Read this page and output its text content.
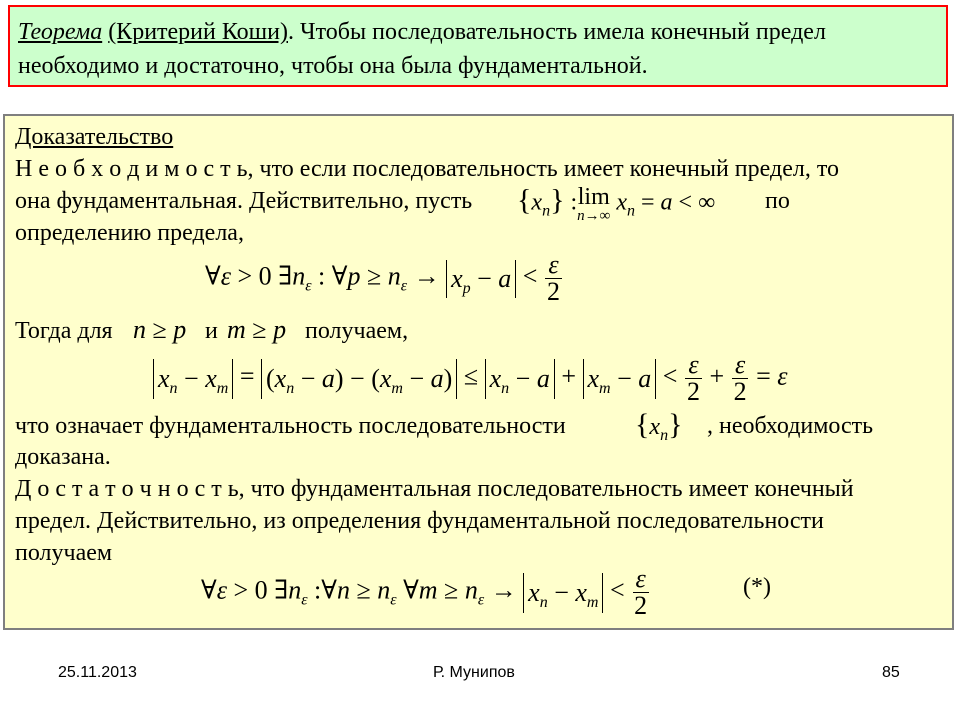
Теорема (Критерий Коши). Чтобы последовательность имела конечный предел
необходимо и достаточно, чтобы она была фундаментальной.
Доказательство
Н е о б х о д и м о с т ь, что если последовательность имеет конечный предел, то
она фундаментальная. Действительно, пусть $\{x_n\}$ : lim
n→∞
$x_n = a$ < ∞ по
определению предела,
∀ε > 0 $\exists n_\varepsilon$ : ∀p ≥ $n_\varepsilon \to x_p - a < \frac{\varepsilon}{2}$
Тогда для n ≥ p и m ≥ p получаем,
$x_n - x_m = (x_n - a) - (x_m - a) \le x_n - a + x_m - a < \frac{\varepsilon}{2} + \frac{\varepsilon}{2} = \varepsilon$
что означает фундаментальность последовательности $\{x_n\}$ , необходимость
доказана.
Д о с т а т о ч н о с т ь, что фундаментальная последовательность имеет конечный
предел. Действительно, из определения фундаментальной последовательности
получаем
∀ε > 0 $\exists n_\varepsilon$ :∀n ≥ $n_\varepsilon$ ∀m ≥ $n_\varepsilon \to x_n - x_m < \frac{\varepsilon}{2}$	(*)
25.11.2013	Р. Мунипов	85
